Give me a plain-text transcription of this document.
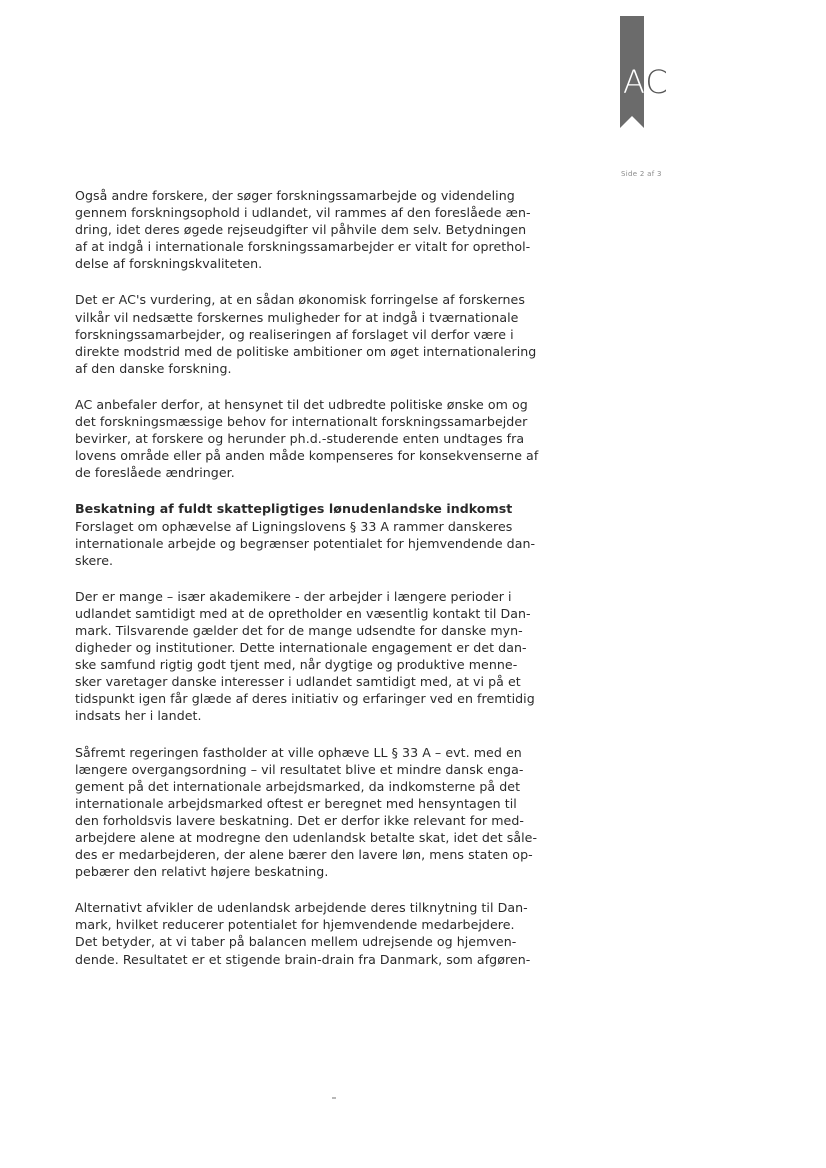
AC
Side 2 af 3

Også andre forskere, der søger forskningssamarbejde og videndeling
gennem forskningsophold i udlandet, vil rammes af den foreslåede æn-
dring, idet deres øgede rejseudgifter vil påhvile dem selv. Betydningen
af at indgå i internationale forskningssamarbejder er vitalt for oprethol-
delse af forskningskvaliteten.

Det er AC's vurdering, at en sådan økonomisk forringelse af forskernes
vilkår vil nedsætte forskernes muligheder for at indgå i tværnationale
forskningssamarbejder, og realiseringen af forslaget vil derfor være i
direkte modstrid med de politiske ambitioner om øget internationalering
af den danske forskning.

AC anbefaler derfor, at hensynet til det udbredte politiske ønske om og
det forskningsmæssige behov for internationalt forskningssamarbejder
bevirker, at forskere og herunder ph.d.-studerende enten undtages fra
lovens område eller på anden måde kompenseres for konsekvenserne af
de foreslåede ændringer.

Beskatning af fuldt skattepligtiges lønudenlandske indkomst
Forslaget om ophævelse af Ligningslovens § 33 A rammer danskeres
internationale arbejde og begrænser potentialet for hjemvendende dan-
skere.

Der er mange – især akademikere - der arbejder i længere perioder i
udlandet samtidigt med at de opretholder en væsentlig kontakt til Dan-
mark. Tilsvarende gælder det for de mange udsendte for danske myn-
digheder og institutioner. Dette internationale engagement er det dan-
ske samfund rigtig godt tjent med, når dygtige og produktive menne-
sker varetager danske interesser i udlandet samtidigt med, at vi på et
tidspunkt igen får glæde af deres initiativ og erfaringer ved en fremtidig
indsats her i landet.

Såfremt regeringen fastholder at ville ophæve LL § 33 A – evt. med en
længere overgangsordning – vil resultatet blive et mindre dansk enga-
gement på det internationale arbejdsmarked, da indkomsterne på det
internationale arbejdsmarked oftest er beregnet med hensyntagen til
den forholdsvis lavere beskatning. Det er derfor ikke relevant for med-
arbejdere alene at modregne den udenlandsk betalte skat, idet det såle-
des er medarbejderen, der alene bærer den lavere løn, mens staten op-
pebærer den relativt højere beskatning.

Alternativt afvikler de udenlandsk arbejdende deres tilknytning til Dan-
mark, hvilket reducerer potentialet for hjemvendende medarbejdere.
Det betyder, at vi taber på balancen mellem udrejsende og hjemven-
dende. Resultatet er et stigende brain-drain fra Danmark, som afgøren-
